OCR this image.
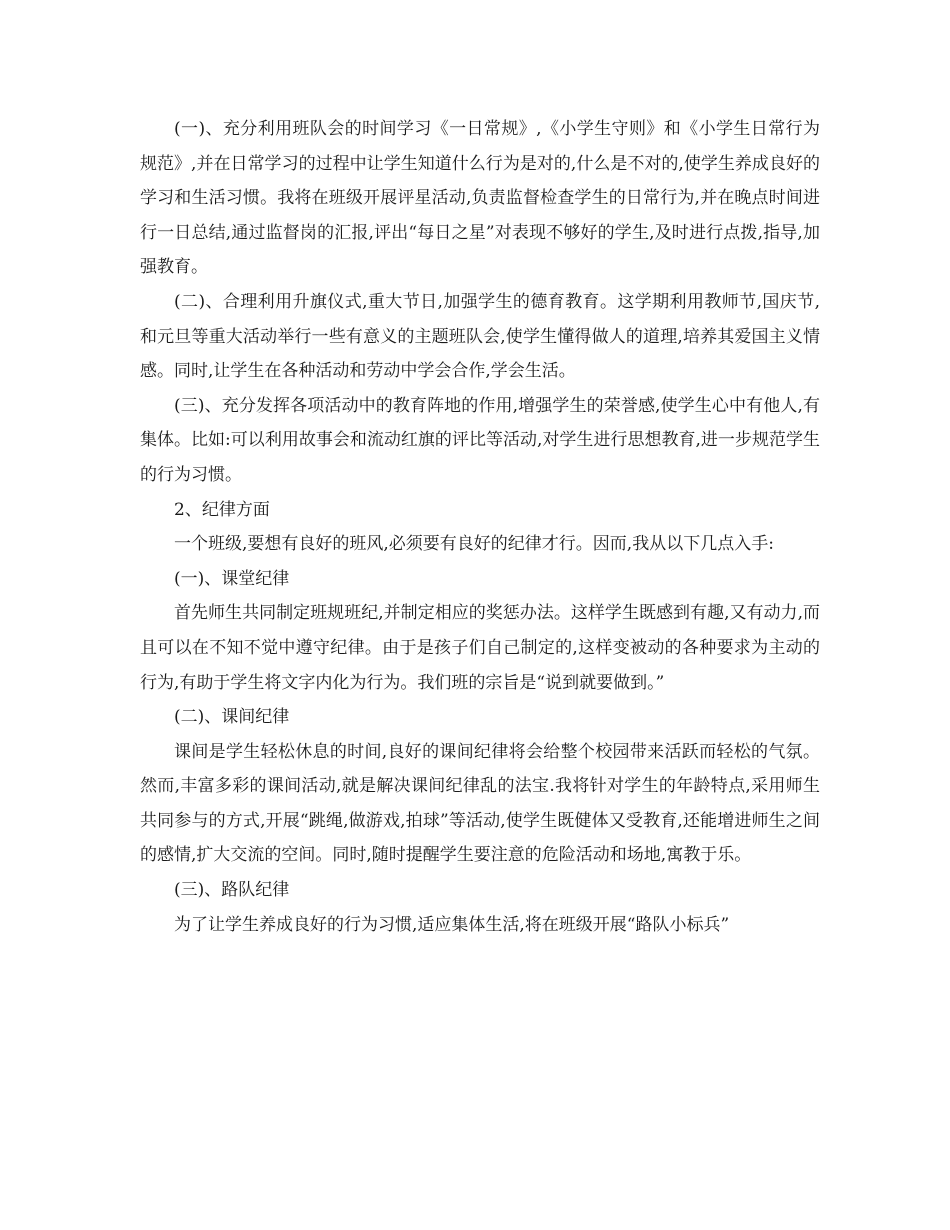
(一)、充分利用班队会的时间学习《一日常规》,《小学生守则》和《小学生日常行为规范》,并在日常学习的过程中让学生知道什么行为是对的,什么是不对的,使学生养成良好的学习和生活习惯。我将在班级开展评星活动,负责监督检查学生的日常行为,并在晚点时间进行一日总结,通过监督岗的汇报,评出“每日之星”对表现不够好的学生,及时进行点拨,指导,加强教育。

(二)、合理利用升旗仪式,重大节日,加强学生的德育教育。这学期利用教师节,国庆节,和元旦等重大活动举行一些有意义的主题班队会,使学生懂得做人的道理,培养其爱国主义情感。同时,让学生在各种活动和劳动中学会合作,学会生活。

(三)、充分发挥各项活动中的教育阵地的作用,增强学生的荣誉感,使学生心中有他人,有集体。比如:可以利用故事会和流动红旗的评比等活动,对学生进行思想教育,进一步规范学生的行为习惯。

2、纪律方面

一个班级,要想有良好的班风,必须要有良好的纪律才行。因而,我从以下几点入手:

(一)、课堂纪律

首先师生共同制定班规班纪,并制定相应的奖惩办法。这样学生既感到有趣,又有动力,而且可以在不知不觉中遵守纪律。由于是孩子们自己制定的,这样变被动的各种要求为主动的行为,有助于学生将文字内化为行为。我们班的宗旨是“说到就要做到。”

(二)、课间纪律

课间是学生轻松休息的时间,良好的课间纪律将会给整个校园带来活跃而轻松的气氛。然而,丰富多彩的课间活动,就是解决课间纪律乱的法宝.我将针对学生的年龄特点,采用师生共同参与的方式,开展“跳绳,做游戏,拍球”等活动,使学生既健体又受教育,还能增进师生之间的感情,扩大交流的空间。同时,随时提醒学生要注意的危险活动和场地,寓教于乐。

(三)、路队纪律

为了让学生养成良好的行为习惯,适应集体生活,将在班级开展“路队小标兵”
